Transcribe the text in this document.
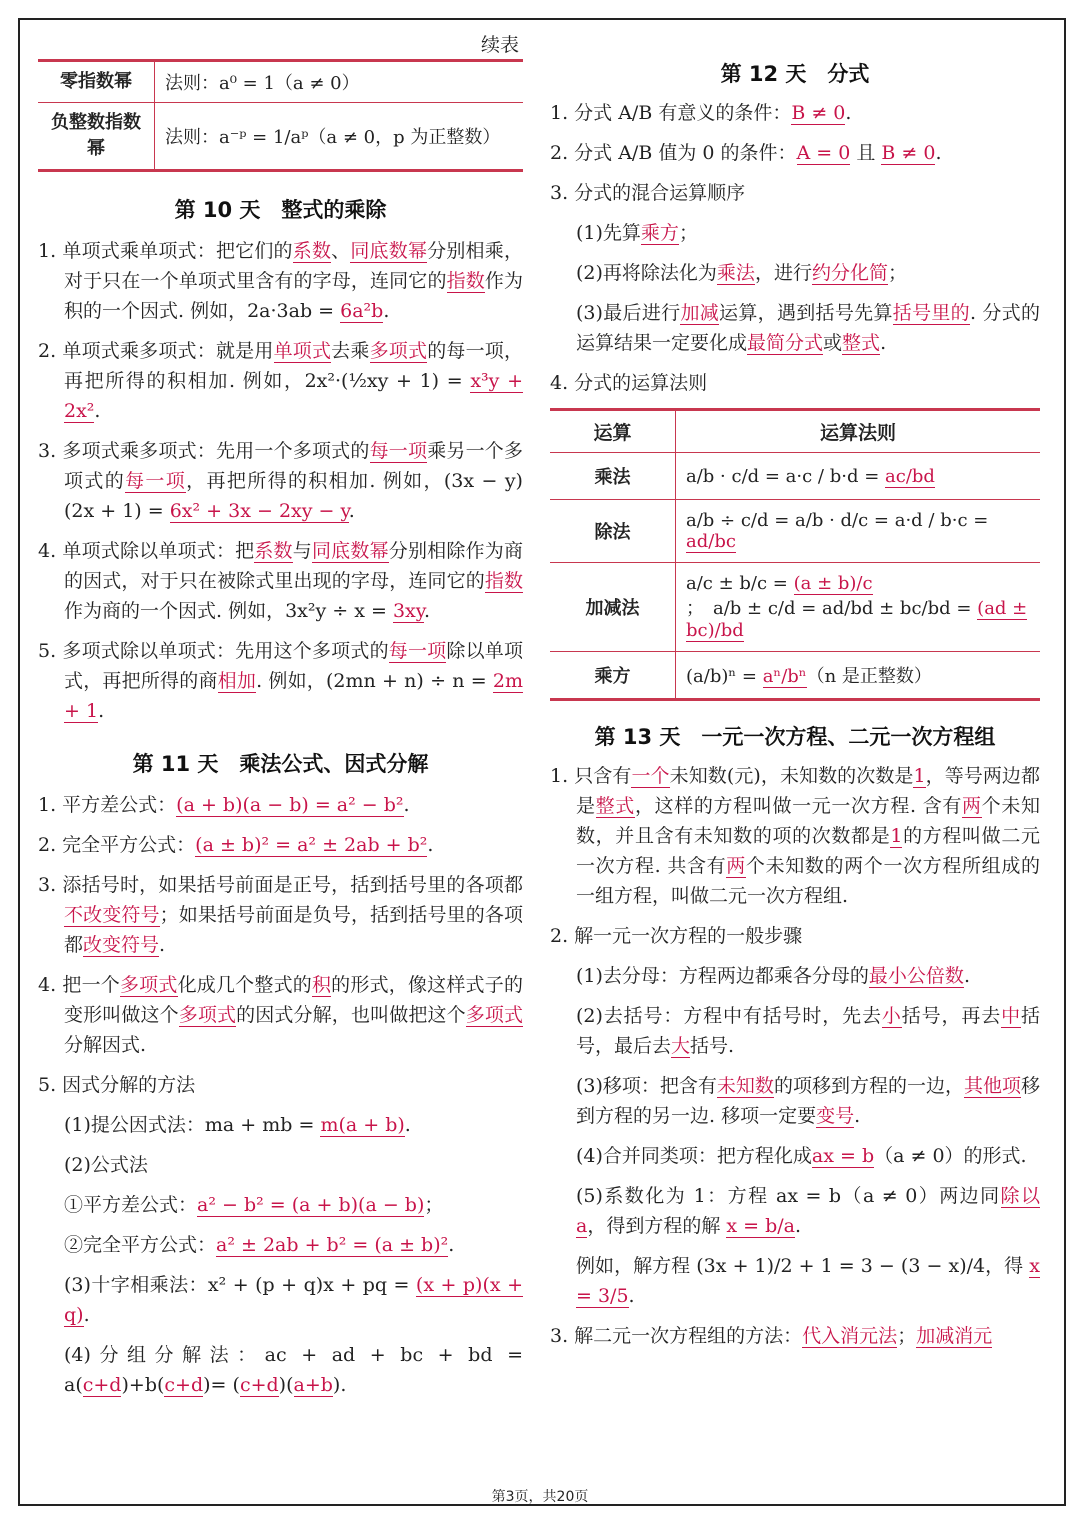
续表
零指数幂	法则：a⁰ = 1（a ≠ 0）
负整数指数幂	法则：a⁻ᵖ = 1/aᵖ（a ≠ 0，p 为正整数）
第 10 天　整式的乘除

1. 单项式乘单项式：把它们的系数、同底数幂分别相乘，对于只在一个单项式里含有的字母，连同它的指数作为积的一个因式. 例如，2a·3ab = 6a²b.

2. 单项式乘多项式：就是用单项式去乘多项式的每一项，再把所得的积相加. 例如，2x²·(½xy + 1) = x³y + 2x².

3. 多项式乘多项式：先用一个多项式的每一项乘另一个多项式的每一项，再把所得的积相加. 例如，(3x − y)(2x + 1) = 6x² + 3x − 2xy − y.

4. 单项式除以单项式：把系数与同底数幂分别相除作为商的因式，对于只在被除式里出现的字母，连同它的指数作为商的一个因式. 例如，3x²y ÷ x = 3xy.

5. 多项式除以单项式：先用这个多项式的每一项除以单项式，再把所得的商相加. 例如，(2mn + n) ÷ n = 2m + 1.

第 11 天　乘法公式、因式分解

1. 平方差公式：(a + b)(a − b) = a² − b².

2. 完全平方公式：(a ± b)² = a² ± 2ab + b².

3. 添括号时，如果括号前面是正号，括到括号里的各项都不改变符号；如果括号前面是负号，括到括号里的各项都改变符号.

4. 把一个多项式化成几个整式的积的形式，像这样式子的变形叫做这个多项式的因式分解，也叫做把这个多项式分解因式.

5. 因式分解的方法

(1)提公因式法：ma + mb = m(a + b).

(2)公式法

①平方差公式：a² − b² = (a + b)(a − b)；

②完全平方公式：a² ± 2ab + b² = (a ± b)².

(3)十字相乘法：x² + (p + q)x + pq = (x + p)(x + q).

(4)分组分解法：ac + ad + bc + bd = a(c+d)+b(c+d)= (c+d)(a+b).

第 12 天　分式

1. 分式 A/B 有意义的条件：B ≠ 0.

2. 分式 A/B 值为 0 的条件：A = 0 且 B ≠ 0.

3. 分式的混合运算顺序

(1)先算乘方；

(2)再将除法化为乘法，进行约分化简；

(3)最后进行加减运算，遇到括号先算括号里的. 分式的运算结果一定要化成最简分式或整式.

4. 分式的运算法则

运算	运算法则
乘法	a/b · c/d = a·c / b·d = ac/bd
除法	a/b ÷ c/d = a/b · d/c = a·d / b·c = ad/bc
加减法	a/c ± b/c = (a ± b)/c
；　a/b ± c/d = ad/bd ± bc/bd = (ad ± bc)/bd
乘方	(a/b)ⁿ = aⁿ/bⁿ（n 是正整数）
第 13 天　一元一次方程、二元一次方程组

1. 只含有一个未知数(元)，未知数的次数是1，等号两边都是整式，这样的方程叫做一元一次方程. 含有两个未知数，并且含有未知数的项的次数都是1的方程叫做二元一次方程. 共含有两个未知数的两个一次方程所组成的一组方程，叫做二元一次方程组.

2. 解一元一次方程的一般步骤

(1)去分母：方程两边都乘各分母的最小公倍数.

(2)去括号：方程中有括号时，先去小括号，再去中括号，最后去大括号.

(3)移项：把含有未知数的项移到方程的一边，其他项移到方程的另一边. 移项一定要变号.

(4)合并同类项：把方程化成ax = b（a ≠ 0）的形式.

(5)系数化为 1：方程 ax = b（a ≠ 0）两边同除以 a，得到方程的解 x = b/a.

例如，解方程 (3x + 1)/2 + 1 = 3 − (3 − x)/4，得 x = 3/5.

3. 解二元一次方程组的方法：代入消元法；加减消元

第3页，共20页
